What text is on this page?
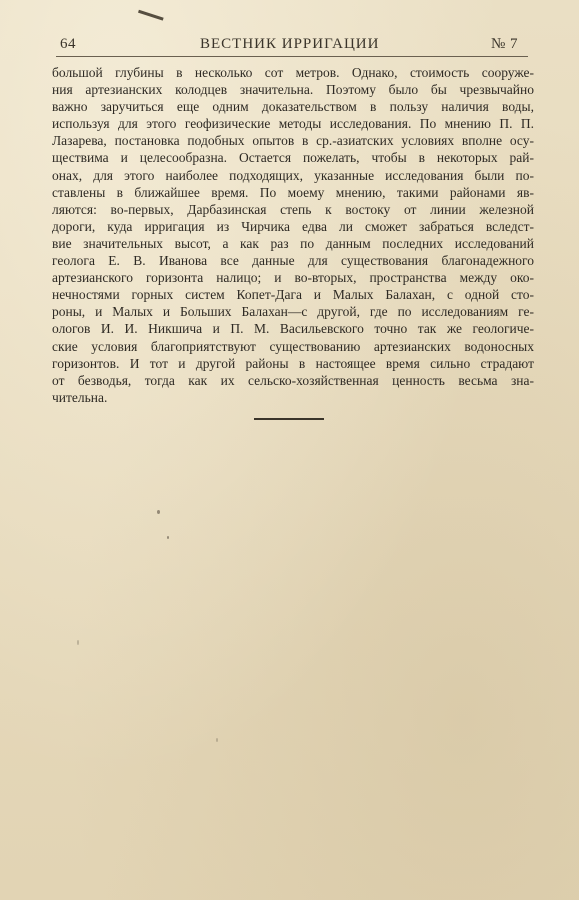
64	ВЕСТНИК ИРРИГАЦИИ	№ 7
большой глубины в несколько сот метров. Однако, стоимость сооруже-
ния артезианских колодцев значительна. Поэтому было бы чрезвычайно
важно заручиться еще одним доказательством в пользу наличия воды,
используя для этого геофизические методы исследования. По мнению П. П.
Лазарева, постановка подобных опытов в ср.-азиатских условиях вполне осу-
ществима и целесообразна. Остается пожелать, чтобы в некоторых рай-
онах, для этого наиболее подходящих, указанные исследования были по-
ставлены в ближайшее время. По моему мнению, такими районами яв-
ляются: во-первых, Дарбазинская степь к востоку от линии железной
дороги, куда ирригация из Чирчика едва ли сможет забраться вследст-
вие значительных высот, а как раз по данным последних исследований
геолога Е. В. Иванова все данные для существования благонадежного
артезианского горизонта налицо; и во-вторых, пространства между око-
нечностями горных систем Копет-Дага и Малых Балахан, с одной сто-
роны, и Малых и Больших Балахан—с другой, где по исследованиям ге-
ологов И. И. Никшича и П. М. Васильевского точно так же геологиче-
ские условия благоприятствуют существованию артезианских водоносных
горизонтов. И тот и другой районы в настоящее время сильно страдают
от безводья, тогда как их сельско-хозяйственная ценность весьма зна-
чительна.
